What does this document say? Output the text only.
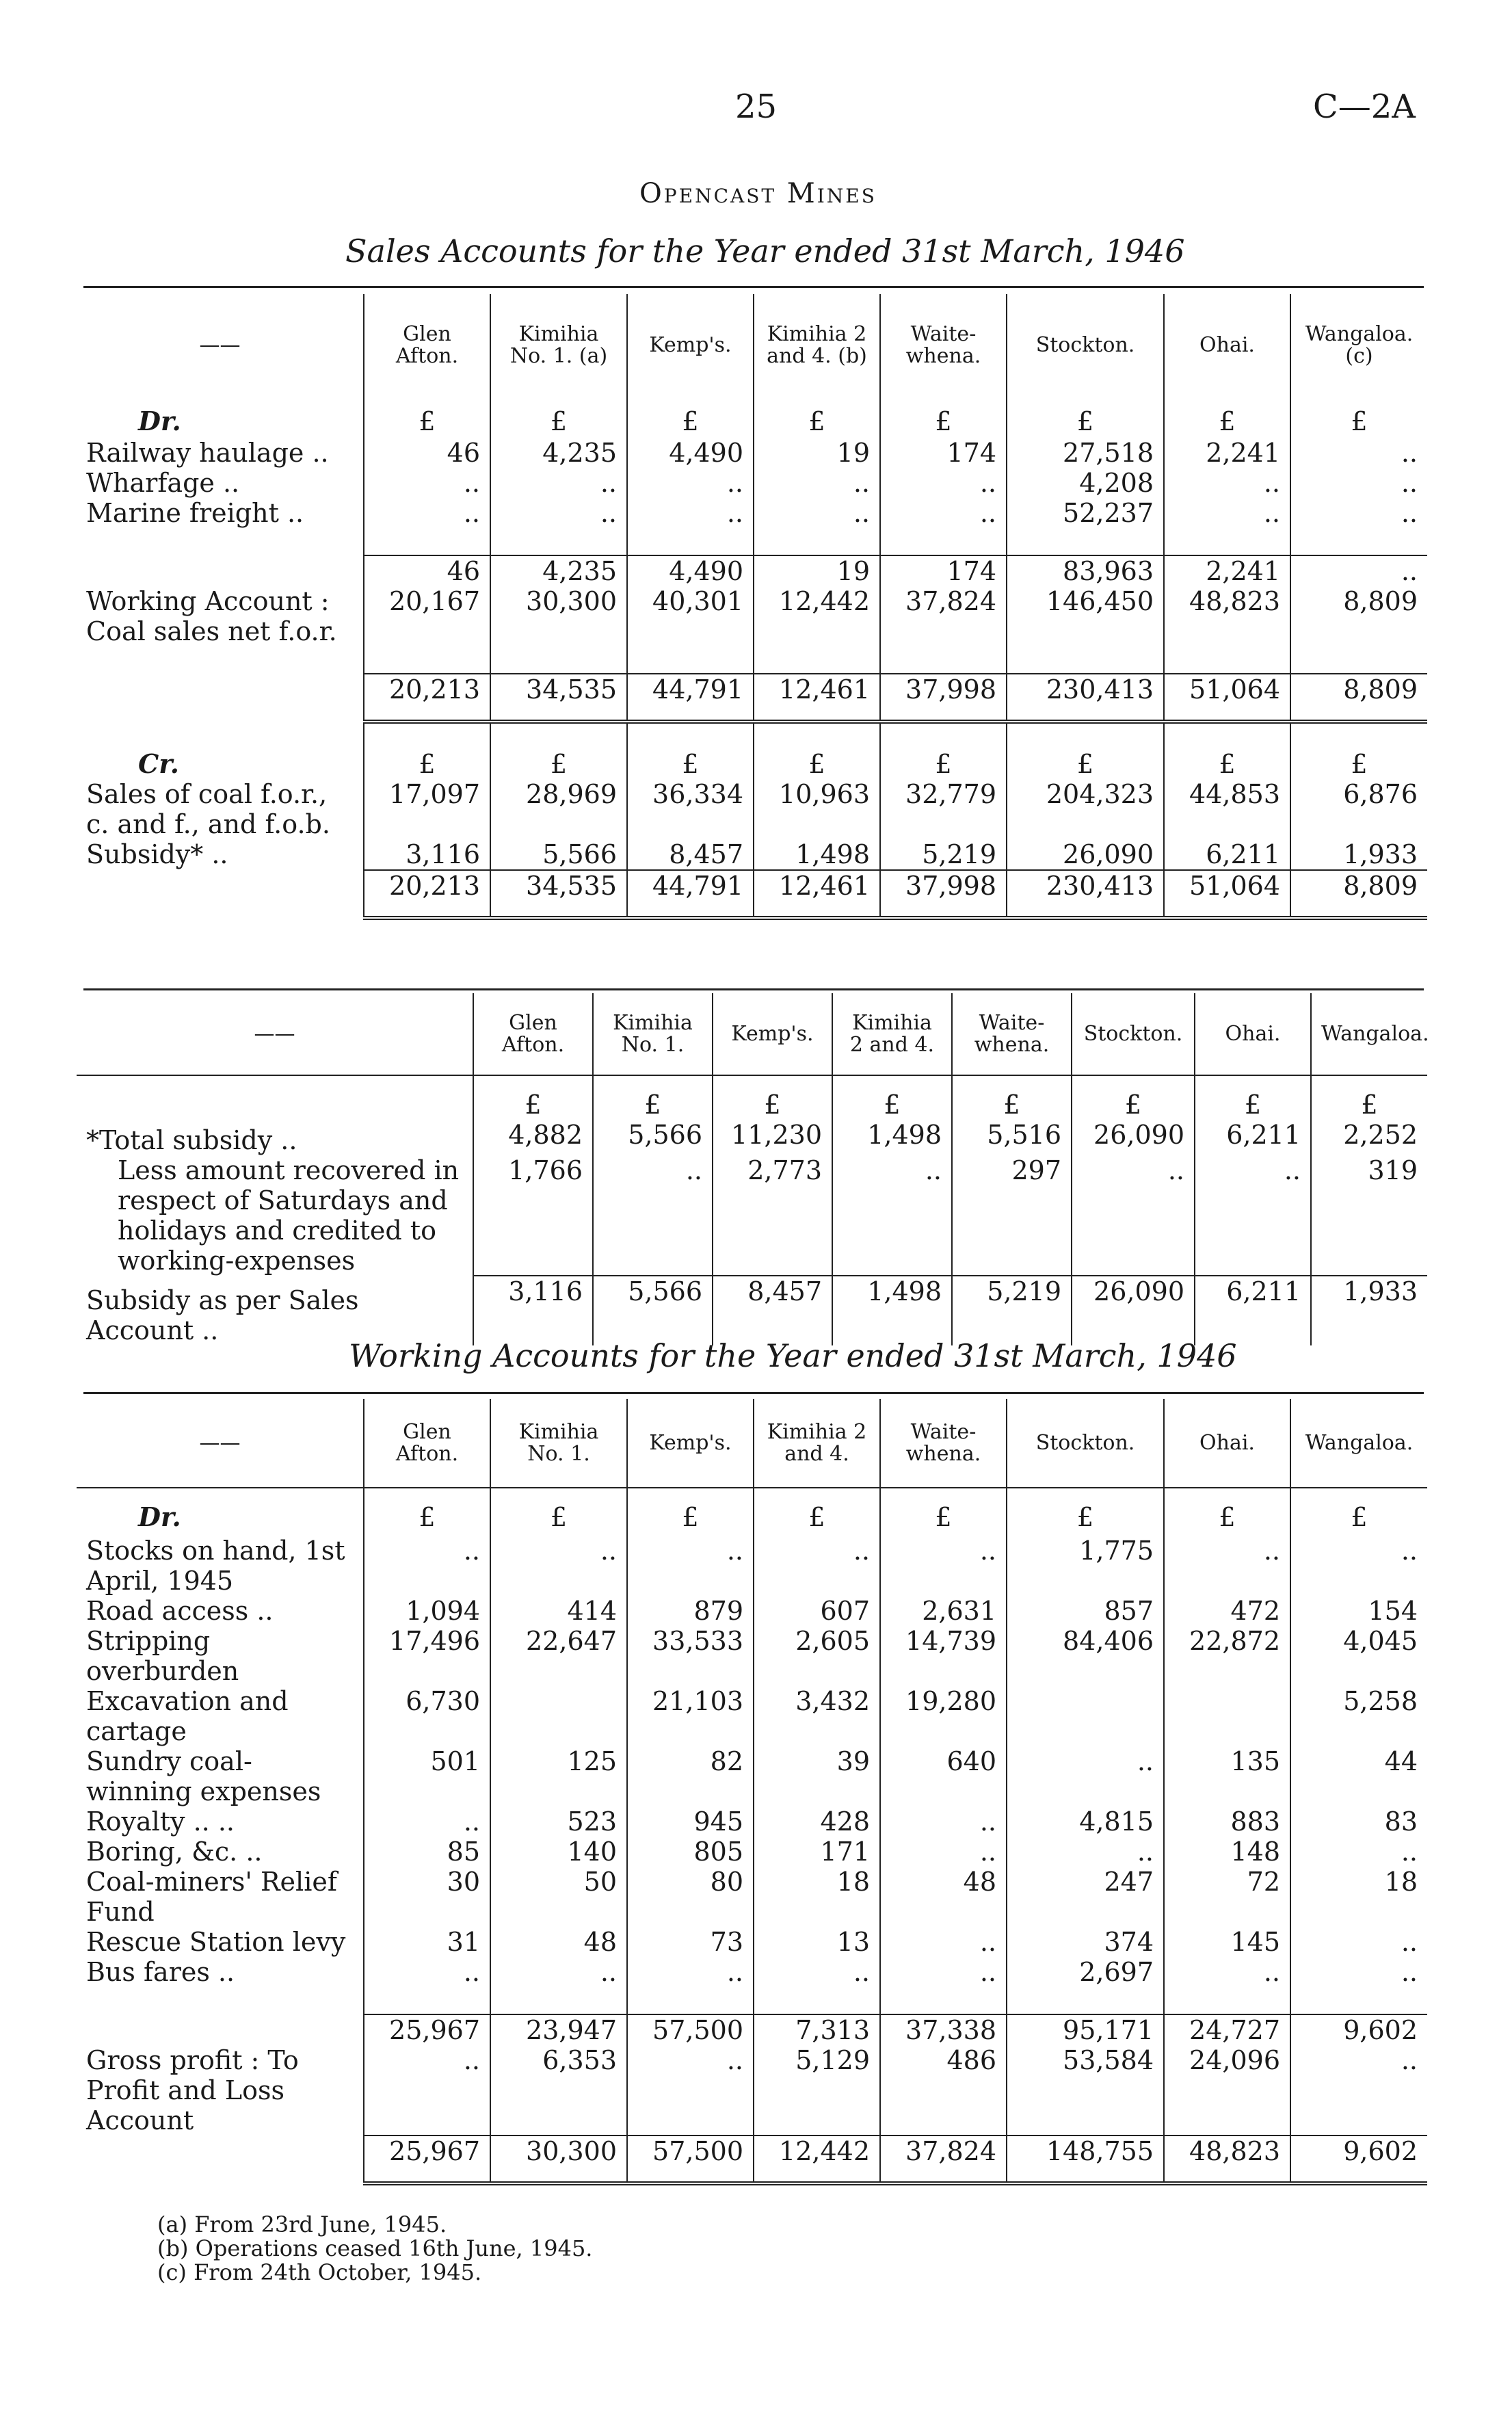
25	C—2A
Opencast Mines
Sales Accounts for the Year ended 31st March, 1946
——	Glen Afton.	Kimihia No. 1. (a)	Kemp's.	Kimihia 2 and 4. (b)	Waite-whena.	Stockton.	Ohai.	Wangaloa. (c)
Dr.	£	£	£	£	£	£	£	£
Railway haulage ..	46	4,235	4,490	19	174	27,518	2,241	..
Wharfage ..	..	..	..	..	..	4,208	..	..
Marine freight ..	..	..	..	..	..	52,237	..	..

	46	4,235	4,490	19	174	83,963	2,241	..
Working Account : Coal sales net f.o.r.	20,167	30,300	40,301	12,442	37,824	146,450	48,823	8,809

	20,213	34,535	44,791	12,461	37,998	230,413	51,064	8,809

Cr.	£	£	£	£	£	£	£	£
Sales of coal f.o.r., c. and f., and f.o.b.	17,097	28,969	36,334	10,963	32,779	204,323	44,853	6,876
Subsidy* ..	3,116	5,566	8,457	1,498	5,219	26,090	6,211	1,933
	20,213	34,535	44,791	12,461	37,998	230,413	51,064	8,809
——	Glen Afton.	Kimihia No. 1.	Kemp's.	Kimihia 2 and 4.	Waite-whena.	Stockton.	Ohai.	Wangaloa.
	£	£	£	£	£	£	£	£
*Total subsidy ..	4,882	5,566	11,230	1,498	5,516	26,090	6,211	2,252
Less amount recovered in respect of Saturdays and holidays and credited to working-expenses	1,766	..	2,773	..	297	..	..	319
Subsidy as per Sales Account ..	3,116	5,566	8,457	1,498	5,219	26,090	6,211	1,933
Working Accounts for the Year ended 31st March, 1946
——	Glen Afton.	Kimihia No. 1.	Kemp's.	Kimihia 2 and 4.	Waite-whena.	Stockton.	Ohai.	Wangaloa.
Dr.	£	£	£	£	£	£	£	£
Stocks on hand, 1st April, 1945	..	..	..	..	..	1,775	..	..
Road access ..	1,094	414	879	607	2,631	857	472	154
Stripping overburden	17,496	22,647	33,533	2,605	14,739	84,406	22,872	4,045
Excavation and cartage	6,730		21,103	3,432	19,280			5,258
Sundry coal-winning expenses	501	125	82	39	640	..	135	44
Royalty .. ..	..	523	945	428	..	4,815	883	83
Boring, &c. ..	85	140	805	171	..	..	148	..
Coal-miners' Relief Fund	30	50	80	18	48	247	72	18
Rescue Station levy	31	48	73	13	..	374	145	..
Bus fares ..	..	..	..	..	..	2,697	..	..

	25,967	23,947	57,500	7,313	37,338	95,171	24,727	9,602
Gross profit : To Profit and Loss Account	..	6,353	..	5,129	486	53,584	24,096	..
	25,967	30,300	57,500	12,442	37,824	148,755	48,823	9,602
(a) From 23rd June, 1945.
(b) Operations ceased 16th June, 1945.
(c) From 24th October, 1945.
